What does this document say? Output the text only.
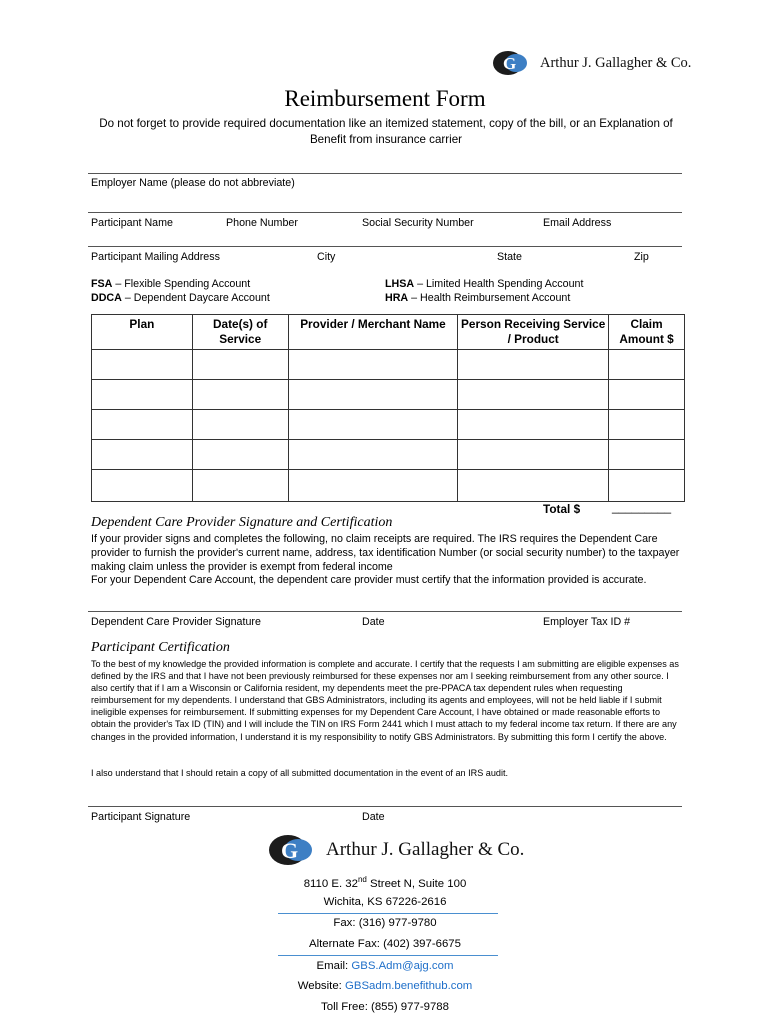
G Arthur J. Gallagher & Co.
Reimbursement Form
Do not forget to provide required documentation like an itemized statement, copy of the bill, or an Explanation of Benefit from insurance carrier
Employer Name (please do not abbreviate)
Participant Name	Phone Number	Social Security Number	Email Address
Participant Mailing Address	City	State	Zip
FSA – Flexible Spending Account
DDCA – Dependent Daycare Account
LHSA – Limited Health Spending Account
HRA – Health Reimbursement Account
Plan	Date(s) of Service	Provider / Merchant Name	Person Receiving Service / Product	Claim Amount $

Total $	_________
Dependent Care Provider Signature and Certification
If your provider signs and completes the following, no claim receipts are required. The IRS requires the Dependent Care provider to furnish the provider's current name, address, tax identification Number (or social security number) to the taxpayer making claim unless the provider is exempt from federal income
For your Dependent Care Account, the dependent care provider must certify that the information provided is accurate.
Dependent Care Provider Signature	Date	Employer Tax ID #
Participant Certification
To the best of my knowledge the provided information is complete and accurate. I certify that the requests I am submitting are eligible expenses as defined by the IRS and that I have not been previously reimbursed for these expenses nor am I seeking reimbursement from any other source. I also certify that if I am a Wisconsin or California resident, my dependents meet the pre-PPACA tax dependent rules when requesting reimbursement for my dependents. I understand that GBS Administrators, including its agents and employees, will not be held liable if I submit ineligible expenses for reimbursement. If submitting expenses for my Dependent Care Account, I have obtained or made reasonable efforts to obtain the provider's Tax ID (TIN) and I will include the TIN on IRS Form 2441 which I must attach to my federal income tax return. If there are any changes in the provided information, I understand it is my responsibility to notify GBS Administrators. By submitting this form I certify the above.
I also understand that I should retain a copy of all submitted documentation in the event of an IRS audit.
Participant Signature	Date
G Arthur J. Gallagher & Co.
8110 E. 32nd Street N, Suite 100
Wichita, KS 67226-2616
Fax: (316) 977-9780
Alternate Fax: (402) 397-6675
Email: GBS.Adm@ajg.com
Website: GBSadm.benefithub.com
Toll Free: (855) 977-9788
